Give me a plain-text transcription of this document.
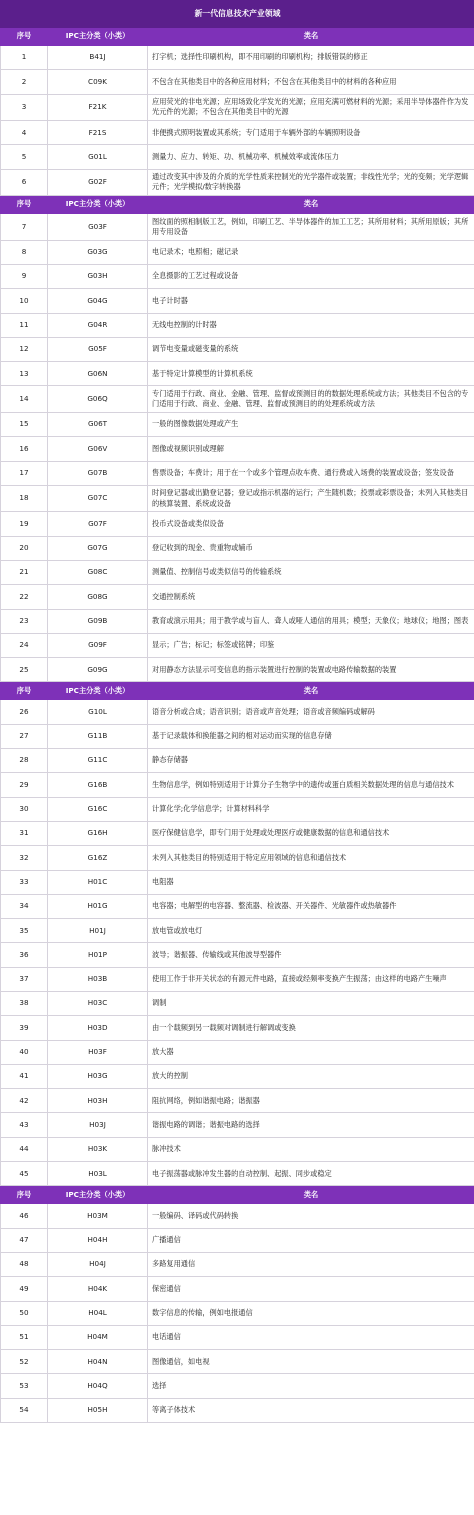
新一代信息技术产业领域		
序号	IPC主分类（小类）	类名
1	B41J	打字机；选择性印刷机构，即不用印刷的印刷机构；排版错误的修正
2	C09K	不包含在其他类目中的各种应用材料；不包含在其他类目中的材料的各种应用
3	F21K	应用荧光的非电光源；应用场致化学发光的光源；应用充满可燃材料的光源；采用半导体器件作为发光元件的光源；不包含在其他类目中的光源
4	F21S	非便携式照明装置或其系统；专门适用于车辆外部的车辆照明设备
5	G01L	测量力、应力、转矩、功、机械功率、机械效率或流体压力
6	G02F	通过改变其中涉及的介质的光学性质来控制光的光学器件或装置；非线性光学；光的变频；光学逻辑元件；光学模拟/数字转换器
序号	IPC主分类（小类）	类名
7	G03F	图纹面的照相制版工艺，例如，印刷工艺、半导体器件的加工工艺；其所用材料；其所用原版；其所用专用设备
8	G03G	电记录术；电照相；磁记录
9	G03H	全息摄影的工艺过程或设备
10	G04G	电子计时器
11	G04R	无线电控制的计时器
12	G05F	调节电变量或磁变量的系统
13	G06N	基于特定计算模型的计算机系统
14	G06Q	专门适用于行政、商业、金融、管理、监督或预测目的的数据处理系统或方法；其他类目不包含的专门适用于行政、商业、金融、管理、监督或预测目的的处理系统或方法
15	G06T	一般的图像数据处理或产生
16	G06V	图像或视频识别或理解
17	G07B	售票设备；车费计；用于在一个或多个管理点收车费、通行费或入场费的装置或设备；签发设备
18	G07C	时间登记器或出勤登记器；登记或指示机器的运行；产生随机数；投票或彩票设备；未列入其他类目的核算装置、系统或设备
19	G07F	投币式设备或类似设备
20	G07G	登记收到的现金、贵重物或辅币
21	G08C	测量值、控制信号或类似信号的传输系统
22	G08G	交通控制系统
23	G09B	教育或演示用具；用于教学或与盲人、聋人或哑人通信的用具；模型；天象仪；地球仪；地图；图表
24	G09F	显示；广告；标记；标签或铭牌；印鉴
25	G09G	对用静态方法显示可变信息的指示装置进行控制的装置或电路传输数据的装置
序号	IPC主分类（小类）	类名
26	G10L	语音分析或合成；语音识别；语音或声音处理；语音或音频编码或解码
27	G11B	基于记录载体和换能器之间的相对运动而实现的信息存储
28	G11C	静态存储器
29	G16B	生物信息学，例如特别适用于计算分子生物学中的遗传或蛋白质相关数据处理的信息与通信技术
30	G16C	计算化学;化学信息学；计算材料科学
31	G16H	医疗保健信息学，即专门用于处理或处理医疗或健康数据的信息和通信技术
32	G16Z	未列入其他类目的特别适用于特定应用领域的信息和通信技术
33	H01C	电阻器
34	H01G	电容器；电解型的电容器、整流器、检波器、开关器件、光敏器件或热敏器件
35	H01J	放电管或放电灯
36	H01P	波导；谐振器、传输线或其他波导型器件
37	H03B	使用工作于非开关状态的有源元件电路，直接或经频率变换产生振荡；由这样的电路产生噪声
38	H03C	调制
39	H03D	由一个载频到另一载频对调制进行解调或变换
40	H03F	放大器
41	H03G	放大的控制
42	H03H	阻抗网络，例如谐振电路；谐振器
43	H03J	谐振电路的调谐；谐振电路的选择
44	H03K	脉冲技术
45	H03L	电子振荡器或脉冲发生器的自动控制、起振、同步或稳定
序号	IPC主分类（小类）	类名
46	H03M	一般编码、译码或代码转换
47	H04H	广播通信
48	H04J	多路复用通信
49	H04K	保密通信
50	H04L	数字信息的传输，例如电报通信
51	H04M	电话通信
52	H04N	图像通信，如电视
53	H04Q	选择
54	H05H	等离子体技术
